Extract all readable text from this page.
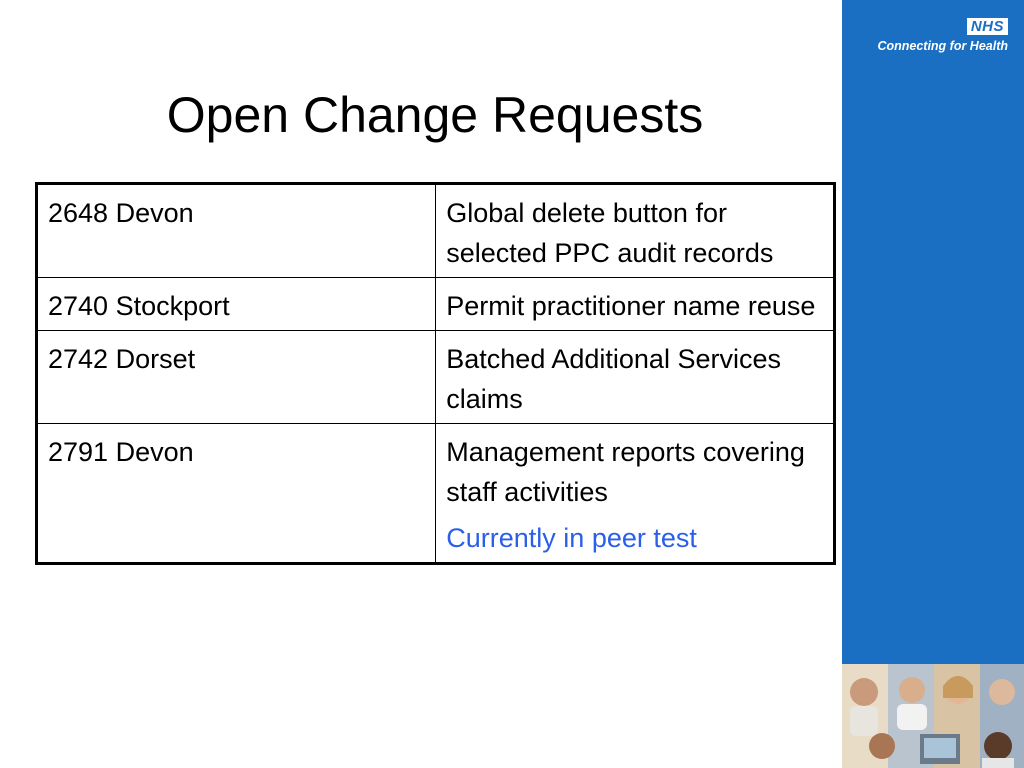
NHS
Connecting for Health
Open Change Requests
2648 Devon	Global delete button for selected PPC audit records
2740 Stockport	Permit practitioner name reuse
2742 Dorset	Batched Additional Services claims
2791 Devon	Management reports covering staff activities
Currently in peer test
